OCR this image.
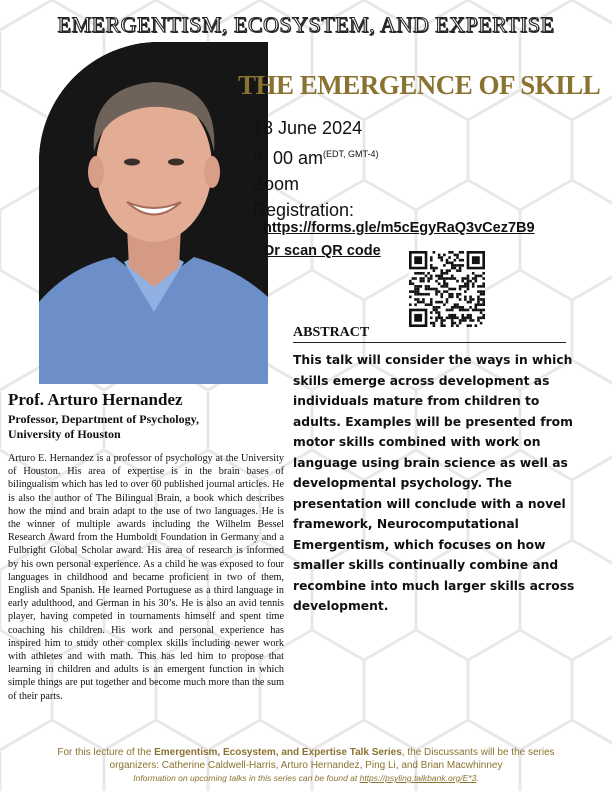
EMERGENTISM, ECOSYSTEM, AND EXPERTISE
THE EMERGENCE OF SKILL
18 June 2024
9: 00 $am^{(EDT, GMT-4)}$
Zoom
Registration:
https://forms.gle/m5cEgyRaQ3vCez7B9
Or scan QR code
ABSTRACT
This talk will consider the ways in which skills emerge across development as individuals mature from children to adults. Examples will be presented from motor skills combined with work on language using brain science as well as developmental psychology. The presentation will conclude with a novel framework, Neurocomputational Emergentism, which focuses on how smaller skills continually combine and recombine into much larger skills across development.
Prof. Arturo Hernandez
Professor, Department of Psychology,
University of Houston
Arturo E. Hernandez is a professor of psychology at the University of Houston. His area of expertise is in the brain bases of bilingualism which has led to over 60 published journal articles. He is also the author of The Bilingual Brain, a book which describes how the mind and brain adapt to the use of two languages. He is the winner of multiple awards including the Wilhelm Bessel Research Award from the Humboldt Foundation in Germany and a Fulbright Global Scholar award. His area of research is informed by his own personal experience. As a child he was exposed to four languages in childhood and became proficient in two of them, English and Spanish. He learned Portuguese as a third language in early adulthood, and German in his 30’s. He is also an avid tennis player, having competed in tournaments himself and spent time coaching his children. His work and personal experience has inspired him to study other complex skills including newer work with athletes and with math. This has led him to propose that learning in children and adults is an emergent function in which simple things are put together and become much more than the sum of their parts.
For this lecture of the Emergentism, Ecosystem, and Expertise Talk Series, the Discussants will be the series
organizers: Catherine Caldwell-Harris, Arturo Hernandez, Ping Li, and Brian Macwhinney
Information on upcoming talks in this series can be found at https://psyling.talkbank.org/E*3.
